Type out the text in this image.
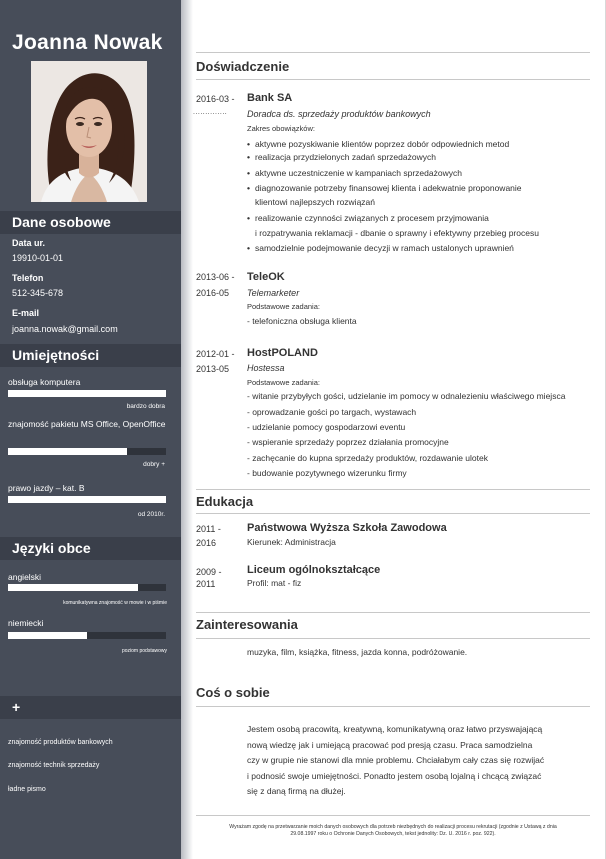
Joanna Nowak
Dane osobowe
Data ur.
19910-01-01
Telefon
512-345-678
E-mail
joanna.nowak@gmail.com
Umiejętności
obsługa komputera
bardzo dobra
znajomość pakietu MS Office, OpenOffice
dobry +
prawo jazdy – kat. B
od 2010r.
Języki obce
angielski
komunikatywna znajomość w mowie i w piśmie
niemiecki
poziom podstawowy
+
znajomość produktów bankowych
znajomość technik sprzedaży
ładne pismo
Doświadczenie
2016-03 -
..............
Bank SA
Doradca ds. sprzedaży produktów bankowych
Zakres obowiązków:
• aktywne pozyskiwanie klientów poprzez dobór odpowiednich metod
• realizacja przydzielonych zadań sprzedażowych
• aktywne uczestniczenie w kampaniach sprzedażowych
• diagnozowanie potrzeby finansowej klienta i adekwatnie proponowanie
klientowi najlepszych rozwiązań
• realizowanie czynności związanych z procesem przyjmowania
i rozpatrywania reklamacji - dbanie o sprawny i efektywny przebieg procesu
• samodzielnie podejmowanie decyzji w ramach ustalonych uprawnień
2013-06 -
2016-05
TeleOK
Telemarketer
Podstawowe zadania:
- telefoniczna obsługa klienta
2012-01 -
2013-05
HostPOLAND
Hostessa
Podstawowe zadania:
- witanie przybyłych gości, udzielanie im pomocy w odnalezieniu właściwego miejsca
- oprowadzanie gości po targach, wystawach
- udzielanie pomocy gospodarzowi eventu
- wspieranie sprzedaży poprzez działania promocyjne
- zachęcanie do kupna sprzedaży produktów, rozdawanie ulotek
- budowanie pozytywnego wizerunku firmy
Edukacja
2011 -
2016
Państwowa Wyższa Szkoła Zawodowa
Kierunek: Administracja
2009 -
2011
Liceum ogólnokształcące
Profil: mat - fiz
Zainteresowania
muzyka, film, książka, fitness, jazda konna, podróżowanie.
Coś o sobie
Jestem osobą pracowitą, kreatywną, komunikatywną oraz łatwo przyswajającą
nową wiedzę jak i umiejącą pracować pod presją czasu. Praca samodzielna
czy w grupie nie stanowi dla mnie problemu. Chciałabym cały czas się rozwijać
i podnosić swoje umiejętności. Ponadto jestem osobą lojalną i chcącą związać
się z daną firmą na dłużej.
Wyrażam zgodę na przetwarzanie moich danych osobowych dla potrzeb niezbędnych do realizacji procesu rekrutacji (zgodnie z Ustawą z dnia
29.08.1997 roku o Ochronie Danych Osobowych, tekst jednolity: Dz. U. 2016 r. poz. 922).
